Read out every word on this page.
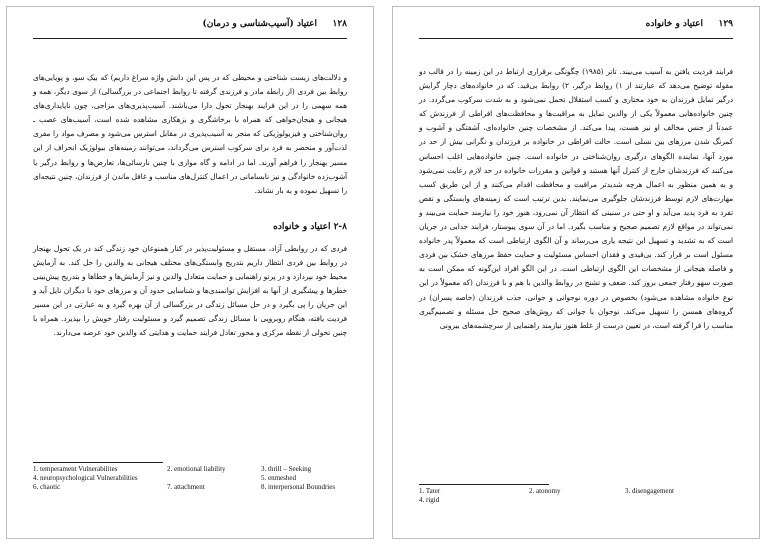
۱۲۸
اعتیاد (آسیب‌شناسی و درمان)

و دلالت‌های زیست شناختی و محیطی که در پس این دانش واژه سراغ داریم) که بیک سو، و پویایی‌های روابط بین فردی (از رابطه مادر و فرزندی گرفته تا روابط اجتماعی در بزرگسالی) از سوی دیگر، همه و همه سهمی را در این فرایند بهنجار تحول دارا می‌باشند. آسیب‌پذیری‌های مزاجی، چون ناپایداری‌های هیجانی و هیجان‌خواهی که همراه با برخاشگری و بزهکاری مشاهده شده است، آسیب‌های عصب ـ روان‌شناختی و فیزیولوژیکی که منجر به آسیب‌پذیری در مقابل استرس می‌شود و مصرف مواد را مفری لذت‌آور و منحصر به فرد برای سرکوب استرس می‌گرداند، می‌توانند زمینه‌های بیولوژیک انحراف از این مسیر بهنجار را فراهم آورند. اما در ادامه و گاه موازی با چنین نارسائی‌ها، تعارض‌ها و روابط درگیر یا آشوب‌زده خانوادگی و نیز نابسامانی در اعمال کنترل‌های مناسب و غافل ماندن از فرزندان، چنین نتیجه‌ای را تسهیل نموده و به بار نشاند.

۲-۸ اعتیاد و خانواده

فردی که در روابطی آزاد، مستقل و مسئولیت‌پذیر در کنار همنوعان خود زندگی کند در یک تحول بهنجار در روابط بین فردی انتظار داریم بتدریج وابستگی‌های مختلف هیجانی به والدین را حل کند. به آزمایش محیط خود بپردازد و در پرتو راهنمایی و حمایت متعادل والدین و نیز آزمایش‌ها و خطاها و بتدریج پیش‌بینی خطرها و پیشگیری از آنها به افزایش توانمندی‌ها و شناسایی حدود آن و مرزهای خود با دیگران نایل آید و این جریان را پی بگیرد و در حل مسائل زندگی در بزرگسالی از آن بهره گیرد و به عبارتی در این مسیر فردیت یافته، هنگام روبرویی با مسائل زندگی تصمیم گیرد و مسئولیت رفتار خویش را بپذیرد. همراه با چنین تحولی از نقطه مرکزی و محور تعادل فرایند حمایت و هدایتی که والدین خود عرضه می‌دارند.

1. temperament Vulnerabilites	2. emotional liability	3. thrill – Seeking
4. neuropsychological Vulnerabilities	5. enmeshed
6. chaotic	7. attachment	8. interpersonal Boundries
۱۲۹
اعتیاد و خانواده

فرایند فردیت یافتن به آسیب می‌بیند. تاتر (۱۹۸۵) چگونگی برقراری ارتباط در این زمینه را در قالب دو مقوله توضیح می‌دهد که عبارتند از ۱) روابط درگیر، ۲) روابط بی‌قید. که در خانواده‌های دچار گرایش درگیر تمایل فرزندان به خود مختاری و کسب استقلال تحمل نمی‌شود و به شدت سرکوب می‌گردد. در چنین خانواده‌هایی معمولاً یکی از والدین تمایل به مراقبت‌ها و محافظت‌های افراطی از فرزندش که عمدتاً از جنس مخالف او نیز هست، پیدا می‌کند. از مشخصات چنین خانواده‌ای، آشفتگی و آشوب و کمرنگ شدن مرزهای بین نسلی است. حالت افراطی در خانواده بر فرزندان و نگرانی بیش از حد در مورد آنها، نماینده الگوهای درگیری روان‌شناختی در خانواده است. چنین خانواده‌هایی اغلب احساس می‌کنند که فرزندشان خارج از کنترل آنها هستند و قوانین و مقررات خانواده در حد لازم رعایت نمی‌شود و به همین منظور به اعمال هرچه شدیدتر مراقبت و محافظت اقدام می‌کنند و از این طریق کسب مهارت‌های لازم توسط فرزندشان جلوگیری می‌نمایند. بدین ترتیب است که زمینه‌های وابستگی و نقص تفرد به فرد پدید می‌آید و او حتی در سنینی که انتظار آن نمی‌رود، هنوز خود را نیازمند حمایت می‌بیند و نمی‌تواند در مواقع لازم تصمیم صحیح و مناسب بگیرد. اما در آن سوی پیوستار، فرایند جدایی در جریان است که به تشدید و تسهیل این نتیجه یاری می‌رساند و آن الگوی ارتباطی است که معمولاً پدر خانواده مسئول است بر قرار کند. بی‌قیدی و فقدان احساس مسئولیت و حمایت حفظ مرزهای خشک بین فردی و فاصله هیجانی از مشخصات این الگوی ارتباطی است. در این الگو افراد این‌گونه که ممکن است به صورت سهو رفتار جمعی بروز کند. ضعف و تشنج در روابط والدین با هم و با فرزندان (که معمولاً در این نوع خانواده مشاهده می‌شود) بخصوص در دوره نوجوانی و جوانی، جذب فرزندان (خاصه پسران) در گروه‌های همسن را تسهیل می‌کند. نوجوان یا جوانی که روش‌های صحیح حل مسئله و تصمیم‌گیری مناسب را فرا گرفته است، در تعیین درست از غلط هنوز نیازمند راهنمایی از سرچشمه‌های بیرونی

1. Tater	2. atonomy	3. disengagement
4. rigid
